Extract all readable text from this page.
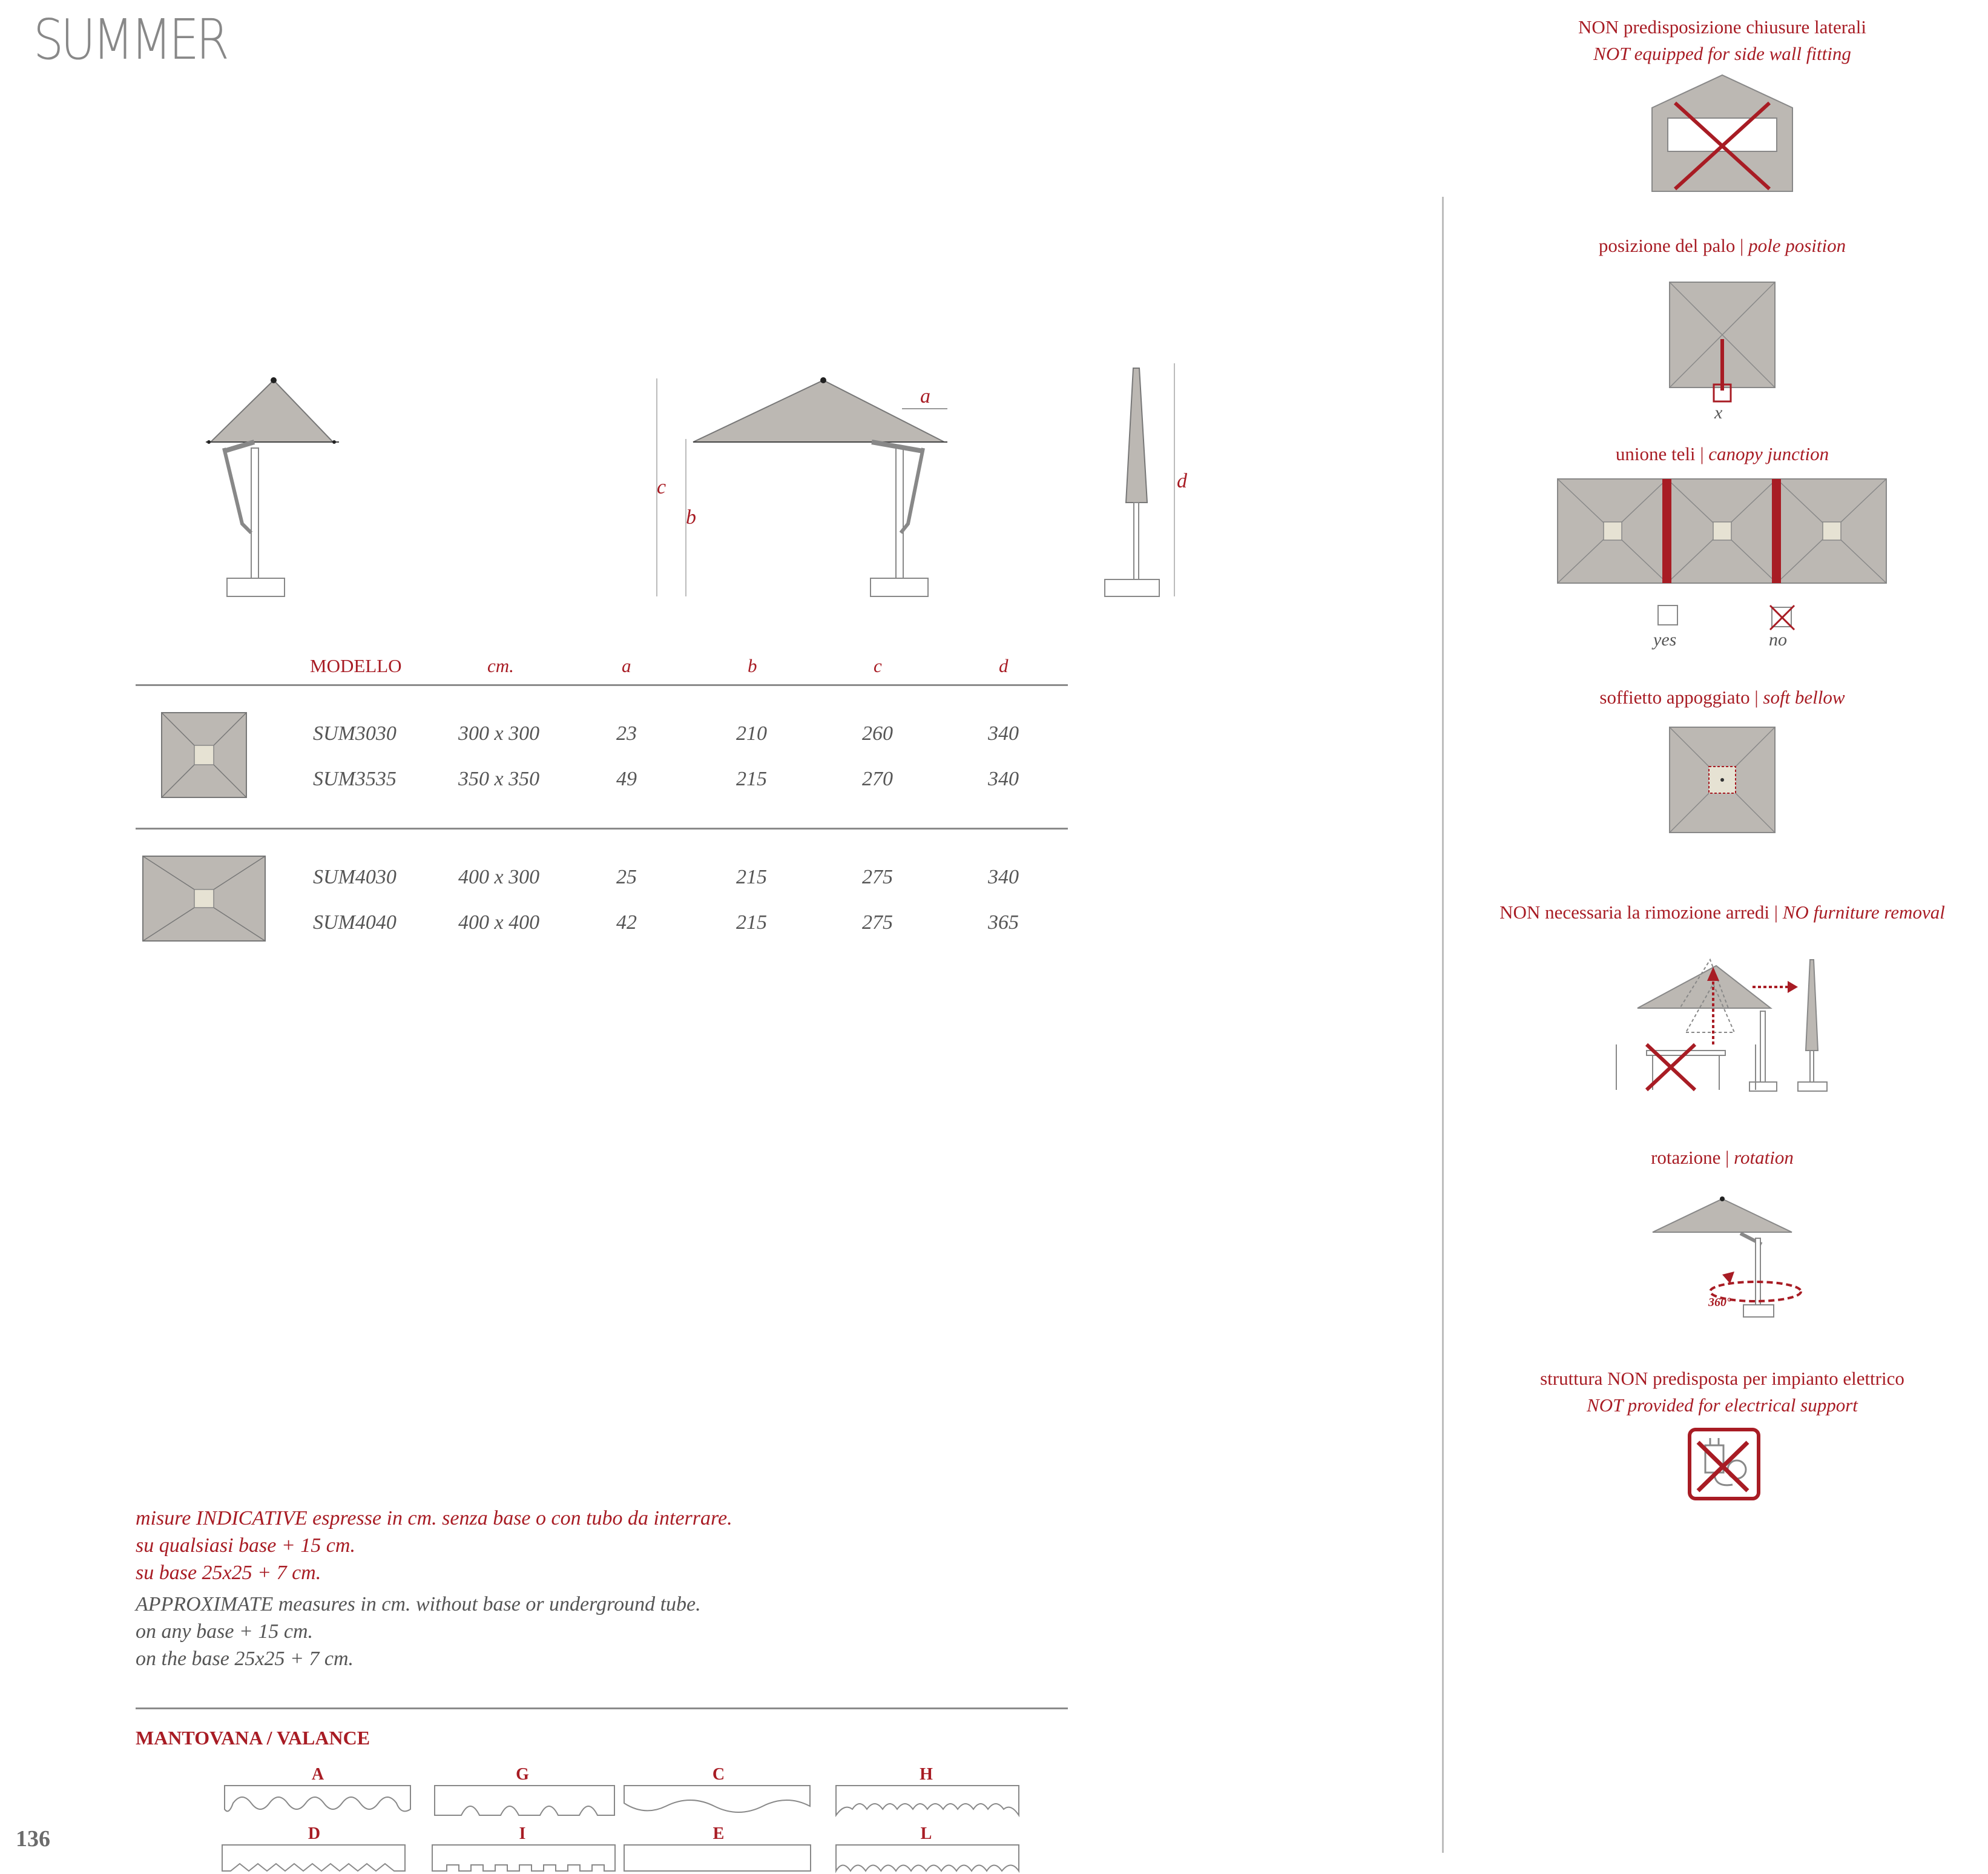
SUMMER
136
c
b
a
d
MODELLO	cm.	a	b	c	d
SUM3030	300 x 300	23	210	260	340
SUM3535	350 x 350	49	215	270	340
SUM4030	400 x 300	25	215	275	340
SUM4040	400 x 400	42	215	275	365
misure INDICATIVE espresse in cm. senza base o con tubo da interrare.
su qualsiasi base + 15 cm.
su base 25x25 + 7 cm.
APPROXIMATE measures in cm. without base or underground tube.
on any base + 15 cm.
on the base 25x25 + 7 cm.
MANTOVANA / VALANCE
A	G	C	H
D	I	E	L
NON predisposizione chiusure laterali
NOT equipped for side wall fitting
posizione del palo | pole position
x
unione teli | canopy junction
yes	no
soffietto appoggiato | soft bellow
NON necessaria la rimozione arredi | NO furniture removal
rotazione | rotation
360°
struttura NON predisposta per impianto elettrico
NOT provided for electrical support
